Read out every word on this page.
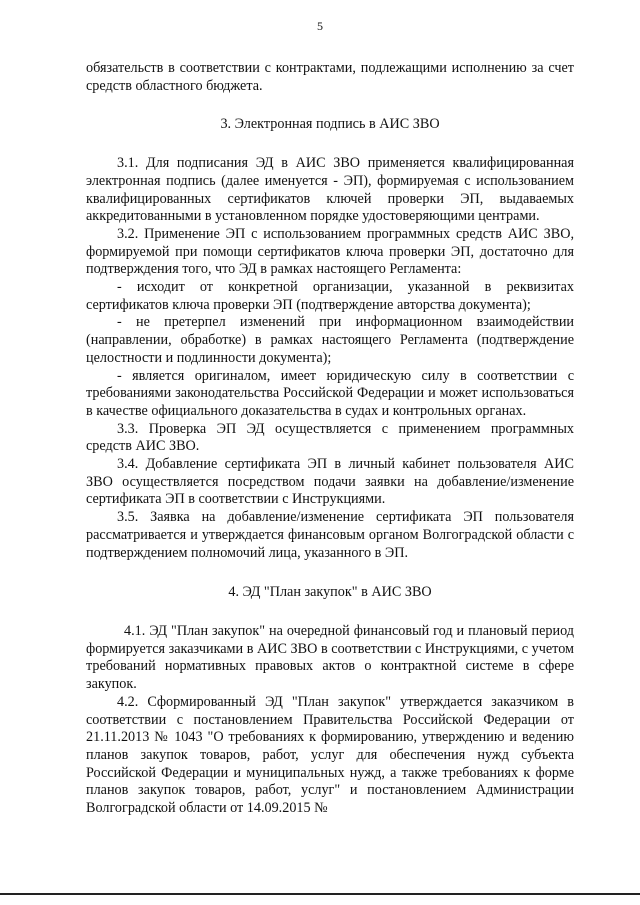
5

обязательств в соответствии с контрактами, подлежащими исполнению за счет средств областного бюджета.

3. Электронная подпись в АИС ЗВО

3.1. Для подписания ЭД в АИС ЗВО применяется квалифицированная электронная подпись (далее именуется - ЭП), формируемая с использованием квалифицированных сертификатов ключей проверки ЭП, выдаваемых аккредитованными в установленном порядке удостоверяющими центрами.

3.2. Применение ЭП с использованием программных средств АИС ЗВО, формируемой при помощи сертификатов ключа проверки ЭП, достаточно для подтверждения того, что ЭД в рамках настоящего Регламента:

- исходит от конкретной организации, указанной в реквизитах сертификатов ключа проверки ЭП (подтверждение авторства документа);

- не претерпел изменений при информационном взаимодействии (направлении, обработке) в рамках настоящего Регламента (подтверждение целостности и подлинности документа);

- является оригиналом, имеет юридическую силу в соответствии с требованиями законодательства Российской Федерации и может использоваться в качестве официального доказательства в судах и контрольных органах.

3.3. Проверка ЭП ЭД осуществляется с применением программных средств АИС ЗВО.

3.4. Добавление сертификата ЭП в личный кабинет пользователя АИС ЗВО осуществляется посредством подачи заявки на добавление/изменение сертификата ЭП в соответствии с Инструкциями.

3.5. Заявка на добавление/изменение сертификата ЭП пользователя рассматривается и утверждается финансовым органом Волгоградской области с подтверждением полномочий лица, указанного в ЭП.

4. ЭД "План закупок" в АИС ЗВО

4.1. ЭД "План закупок" на очередной финансовый год и плановый период формируется заказчиками в АИС ЗВО в соответствии с Инструкциями, с учетом требований нормативных правовых актов о контрактной системе в сфере закупок.

4.2. Сформированный ЭД "План закупок" утверждается заказчиком в соответствии с постановлением Правительства Российской Федерации от 21.11.2013 № 1043 "О требованиях к формированию, утверждению и ведению планов закупок товаров, работ, услуг для обеспечения нужд субъекта Российской Федерации и муниципальных нужд, а также требованиях к форме планов закупок товаров, работ, услуг" и постановлением Администрации Волгоградской области от 14.09.2015 №
